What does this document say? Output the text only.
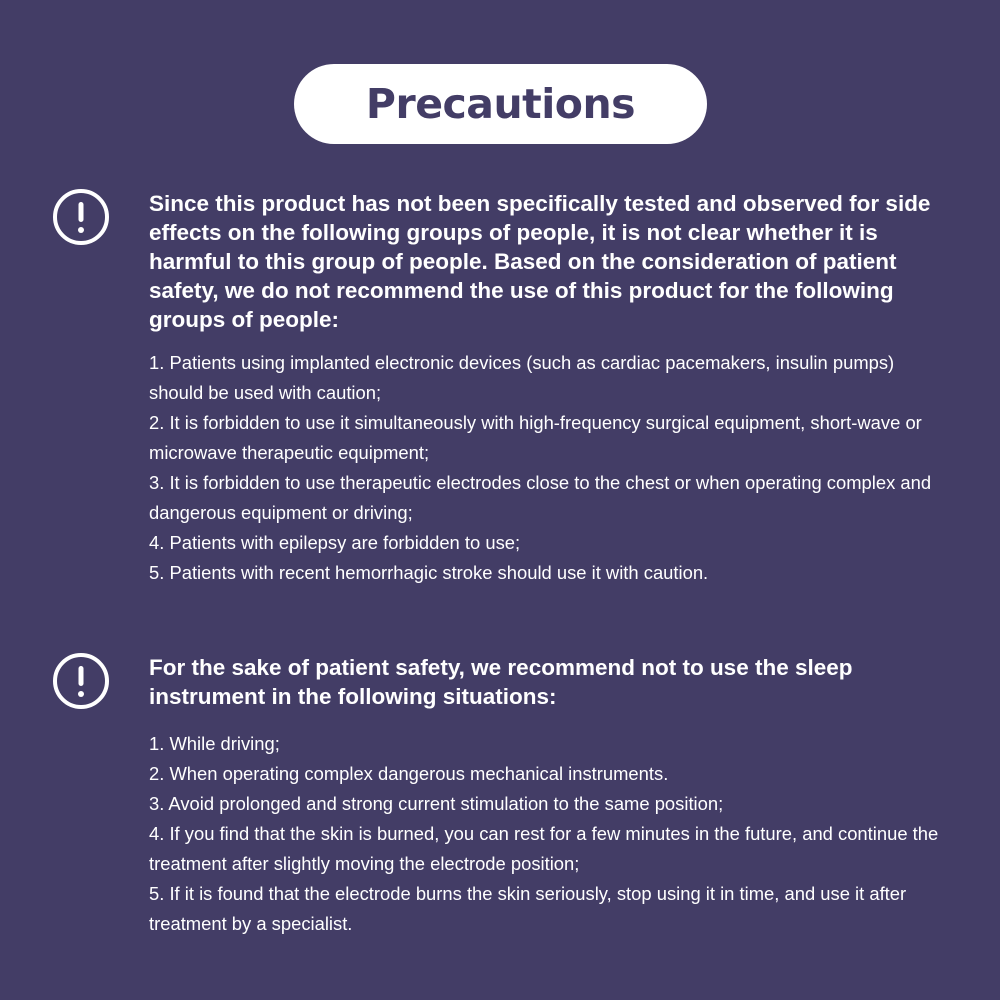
Precautions

Since this product has not been specifically tested and observed for side effects on the following groups of people, it is not clear whether it is harmful to this group of people. Based on the consideration of patient safety, we do not recommend the use of this product for the following groups of people:

1. Patients using implanted electronic devices (such as cardiac pacemakers, insulin pumps) should be used with caution;
2. It is forbidden to use it simultaneously with high-frequency surgical equipment, short-wave or microwave therapeutic equipment;
3. It is forbidden to use therapeutic electrodes close to the chest or when operating complex and dangerous equipment or driving;
4. Patients with epilepsy are forbidden to use;
5. Patients with recent hemorrhagic stroke should use it with caution.

For the sake of patient safety, we recommend not to use the sleep instrument in the following situations:

1. While driving;
2. When operating complex dangerous mechanical instruments.
3. Avoid prolonged and strong current stimulation to the same position;
4. If you find that the skin is burned, you can rest for a few minutes in the future, and continue the treatment after slightly moving the electrode position;
5. If it is found that the electrode burns the skin seriously, stop using it in time, and use it after treatment by a specialist.
